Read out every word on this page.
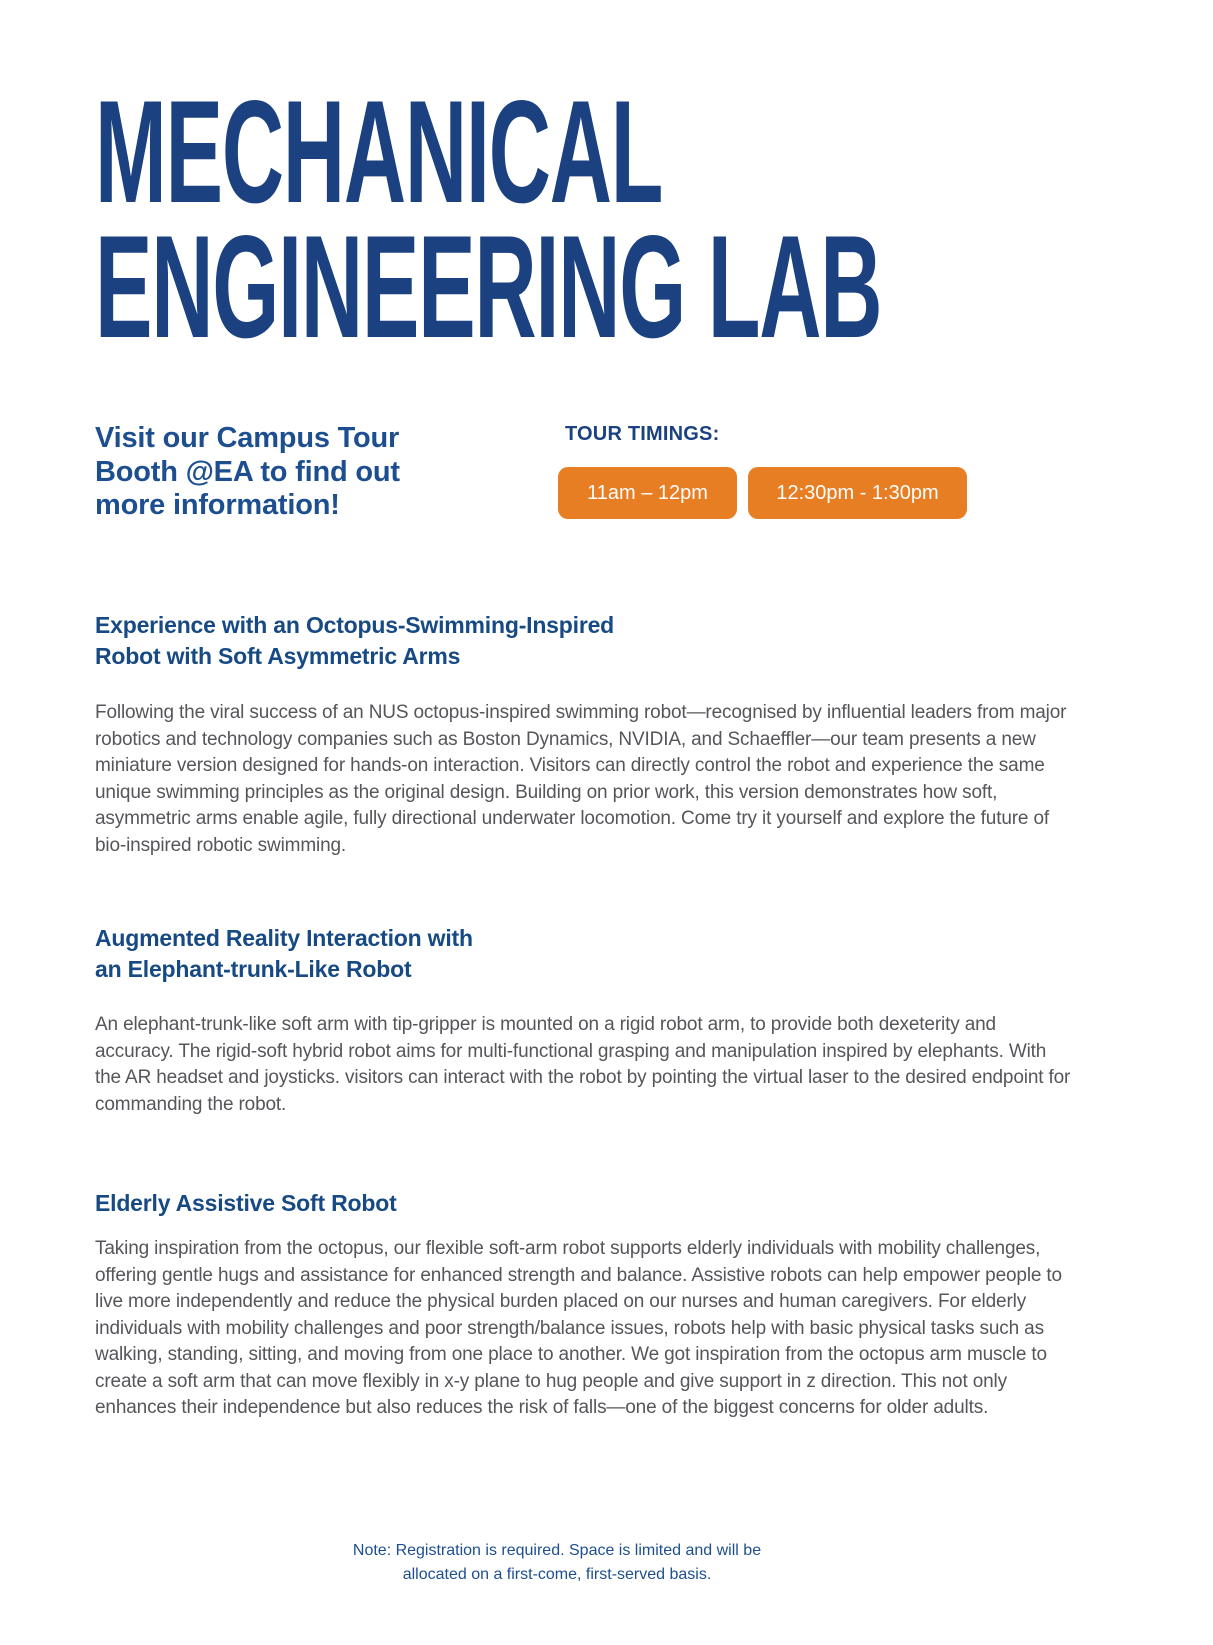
MECHANICAL
ENGINEERING LAB

Visit our Campus Tour Booth @EA to find out more information!

TOUR TIMINGS:
11am – 12pm	12:30pm - 1:30pm
Experience with an Octopus-Swimming-Inspired
Robot with Soft Asymmetric Arms

Following the viral success of an NUS octopus-inspired swimming robot—recognised by influential leaders from major robotics and technology companies such as Boston Dynamics, NVIDIA, and Schaeffler—our team presents a new miniature version designed for hands-on interaction. Visitors can directly control the robot and experience the same unique swimming principles as the original design. Building on prior work, this version demonstrates how soft, asymmetric arms enable agile, fully directional underwater locomotion. Come try it yourself and explore the future of bio-inspired robotic swimming.

Augmented Reality Interaction with
an Elephant-trunk-Like Robot

An elephant-trunk-like soft arm with tip-gripper is mounted on a rigid robot arm, to provide both dexeterity and accuracy. The rigid-soft hybrid robot aims for multi-functional grasping and manipulation inspired by elephants. With the AR headset and joysticks. visitors can interact with the robot by pointing the virtual laser to the desired endpoint for commanding the robot.

Elderly Assistive Soft Robot

Taking inspiration from the octopus, our flexible soft-arm robot supports elderly individuals with mobility challenges, offering gentle hugs and assistance for enhanced strength and balance. Assistive robots can help empower people to live more independently and reduce the physical burden placed on our nurses and human caregivers. For elderly individuals with mobility challenges and poor strength/balance issues, robots help with basic physical tasks such as walking, standing, sitting, and moving from one place to another. We got inspiration from the octopus arm muscle to create a soft arm that can move flexibly in x-y plane to hug people and give support in z direction. This not only enhances their independence but also reduces the risk of falls—one of the biggest concerns for older adults.

Note: Registration is required. Space is limited and will be
allocated on a first-come, first-served basis.
